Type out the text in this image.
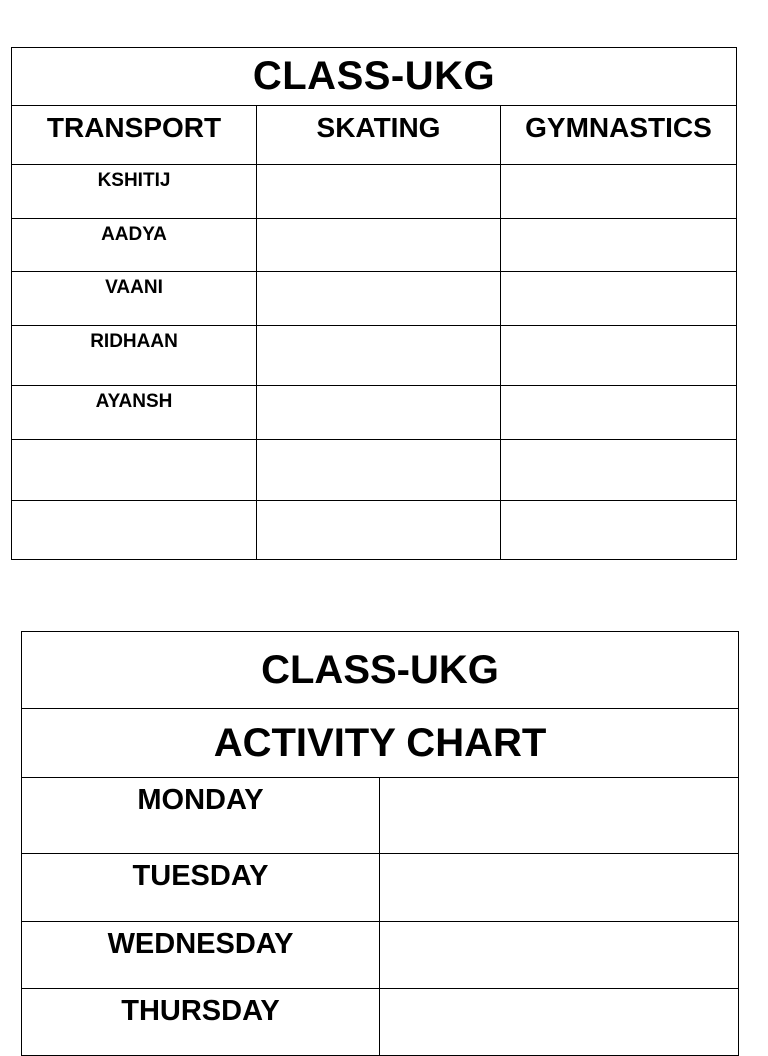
CLASS-UKG		
TRANSPORT	SKATING	GYMNASTICS
KSHITIJ		
AADYA		
VAANI		
RIDHAAN		
AYANSH		

CLASS-UKG	
ACTIVITY CHART	
MONDAY	
TUESDAY	
WEDNESDAY	
THURSDAY	
